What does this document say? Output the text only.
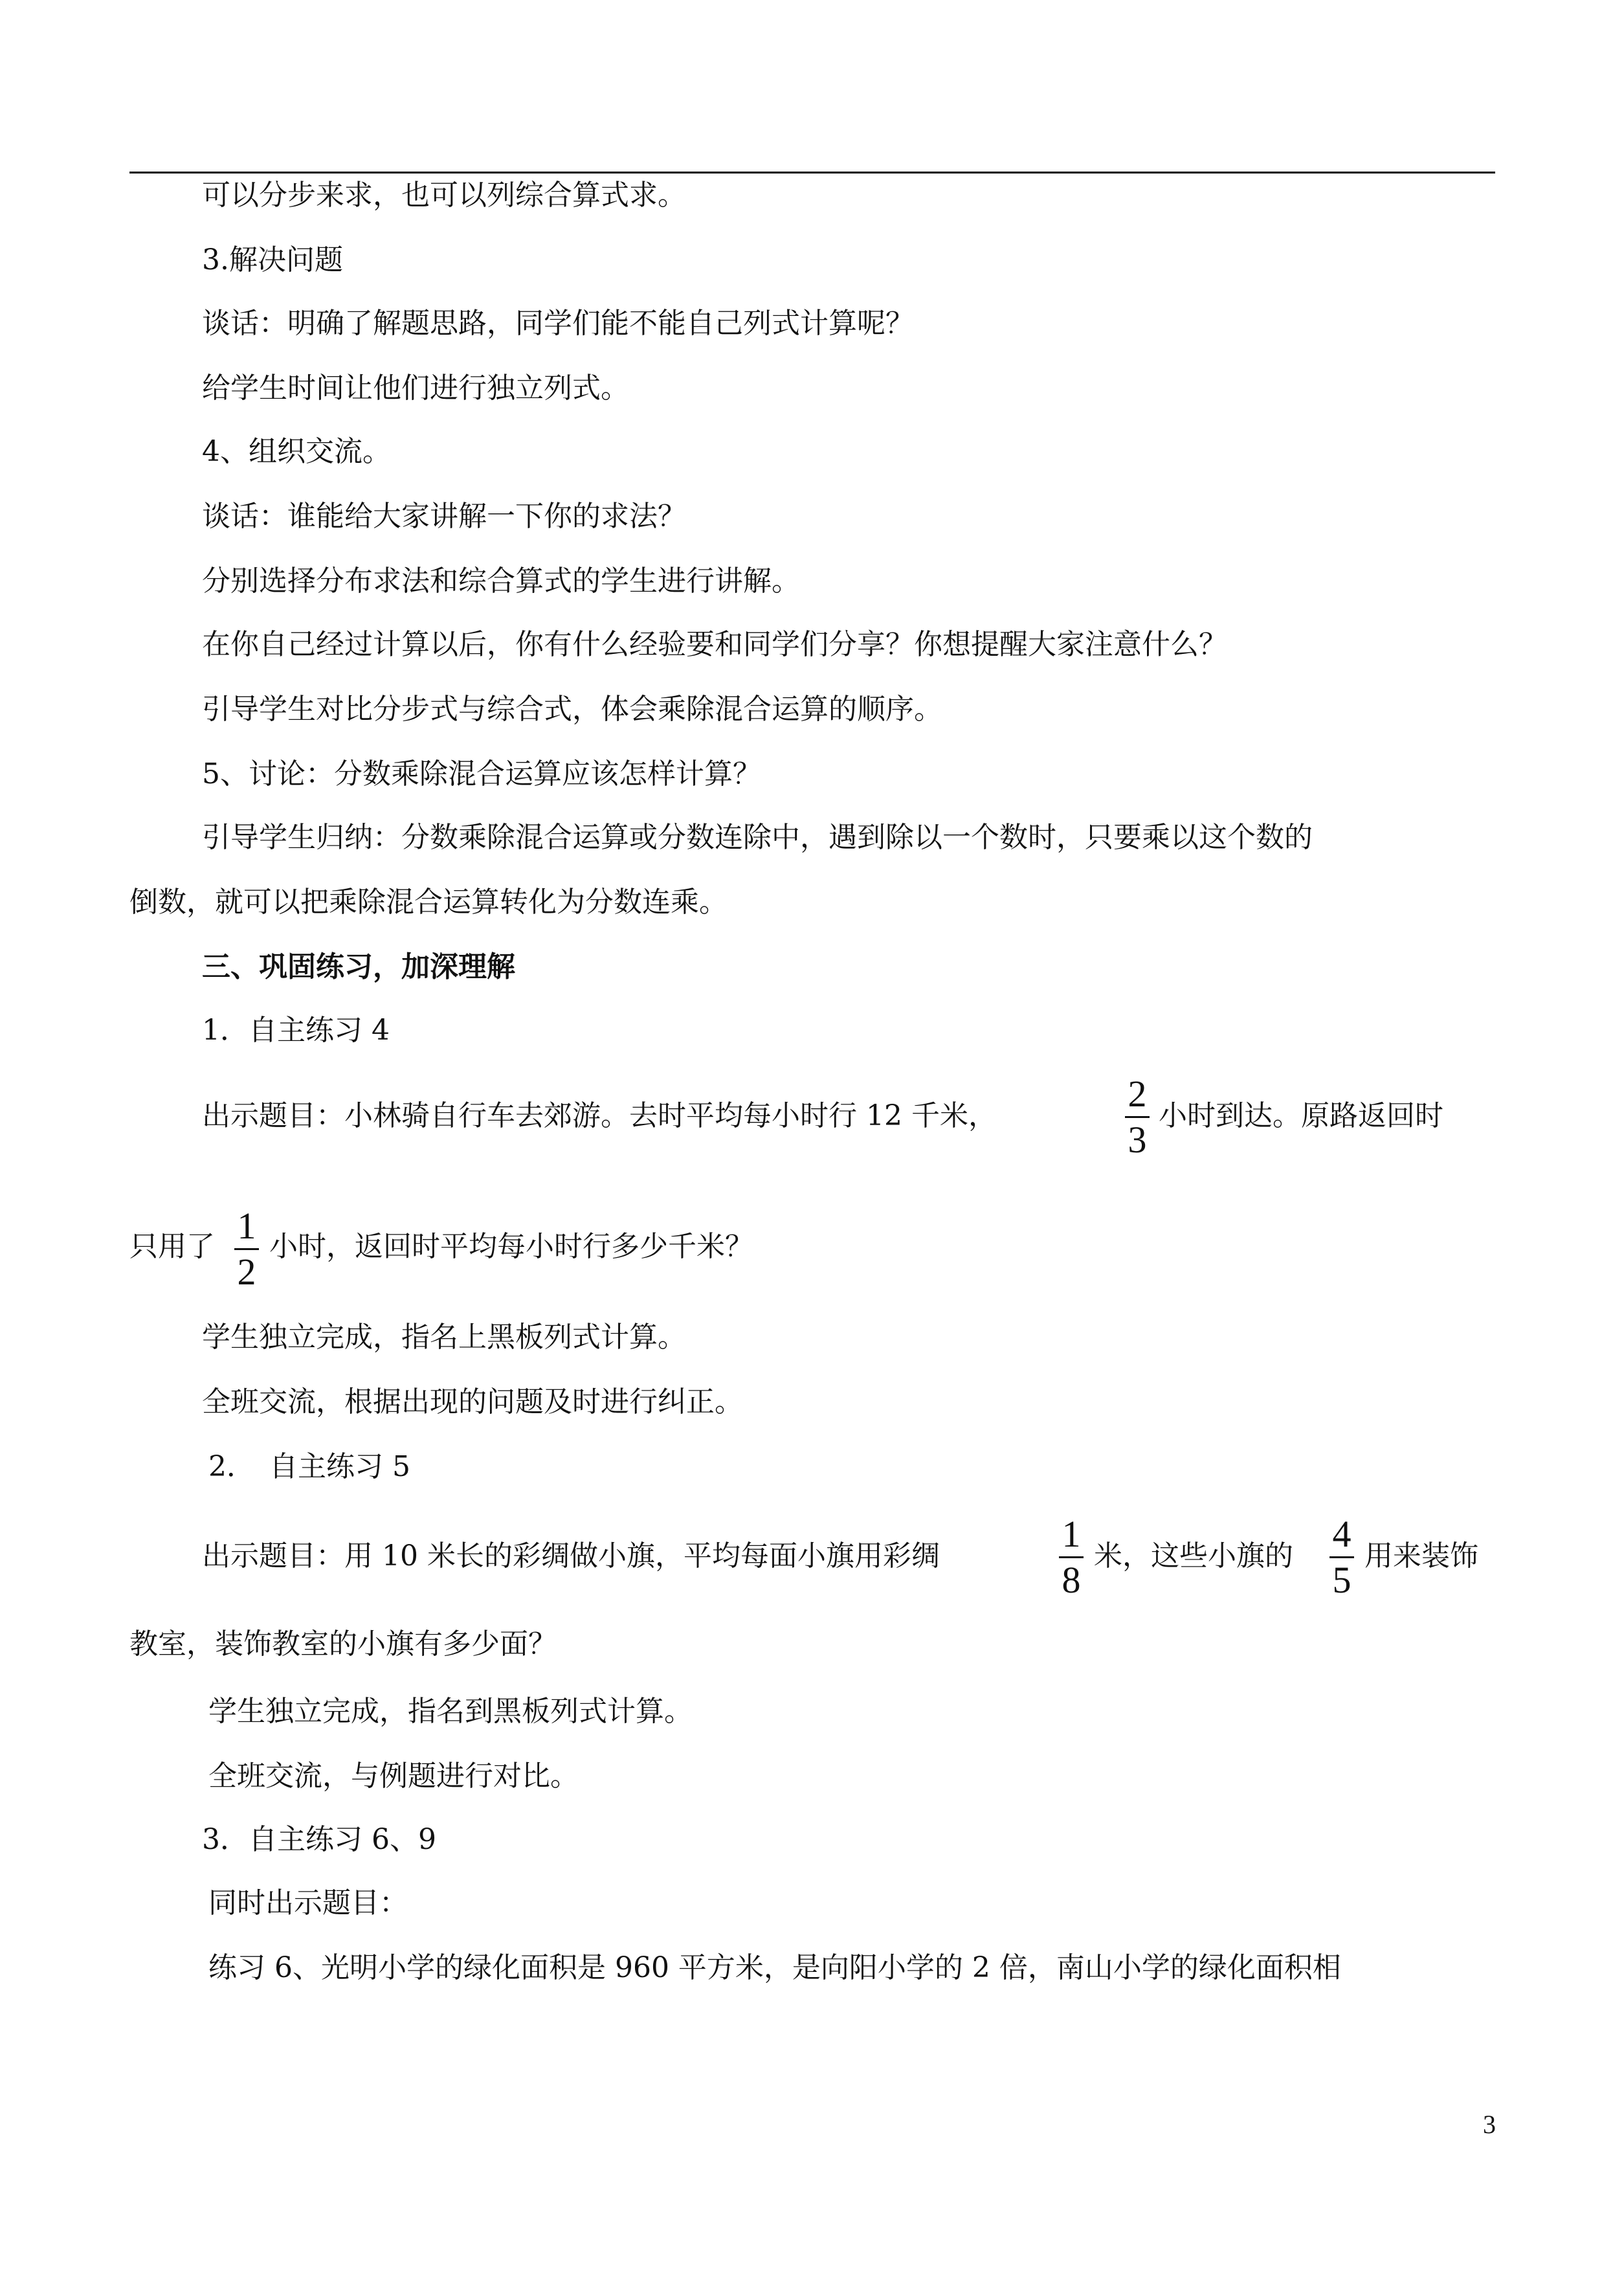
可以分步来求，也可以列综合算式求。
3.解决问题
谈话：明确了解题思路，同学们能不能自己列式计算呢？
给学生时间让他们进行独立列式。
4、组织交流。
谈话：谁能给大家讲解一下你的求法？
分别选择分布求法和综合算式的学生进行讲解。
在你自己经过计算以后，你有什么经验要和同学们分享？你想提醒大家注意什么？
引导学生对比分步式与综合式，体会乘除混合运算的顺序。
5、讨论：分数乘除混合运算应该怎样计算？
引导学生归纳：分数乘除混合运算或分数连除中，遇到除以一个数时，只要乘以这个数的
倒数，就可以把乘除混合运算转化为分数连乘。
三、巩固练习，加深理解
1．自主练习 4
出示题目：小林骑自行车去郊游。去时平均每小时行 12 千米，
2
3
小时到达。原路返回时
只用了 1
2
小时，返回时平均每小时行多少千米？
学生独立完成，指名上黑板列式计算。
全班交流，根据出现的问题及时进行纠正。
2．　自主练习 5
出示题目：用 10 米长的彩绸做小旗，平均每面小旗用彩绸
1
8
米，这些小旗的
4
5
用来装饰
教室，装饰教室的小旗有多少面？
学生独立完成，指名到黑板列式计算。
全班交流，与例题进行对比。
3．自主练习 6、9
同时出示题目：
练习 6、光明小学的绿化面积是 960 平方米，是向阳小学的 2 倍，南山小学的绿化面积相
3
